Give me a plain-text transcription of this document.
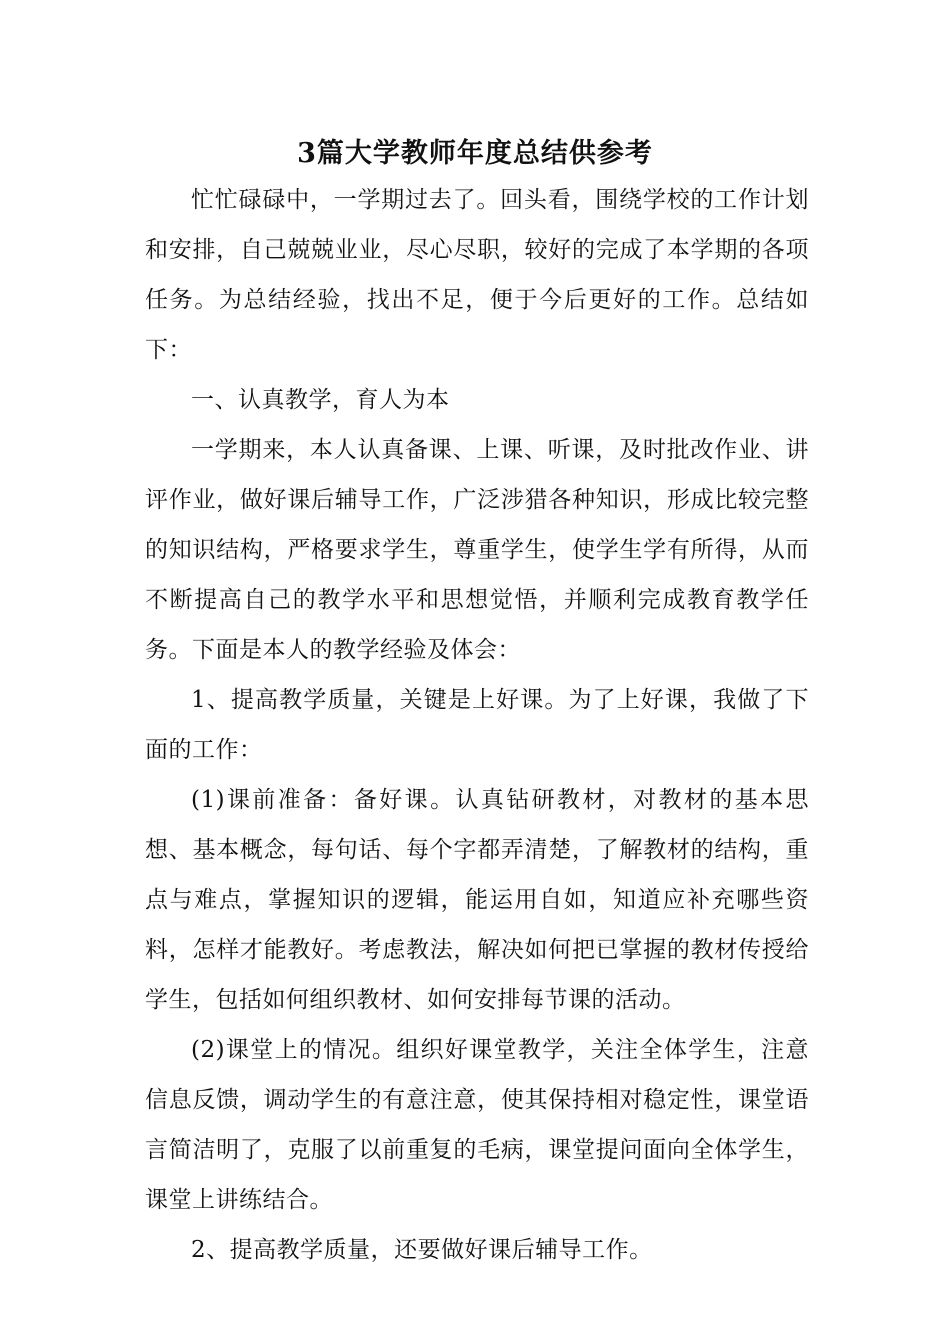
3篇大学教师年度总结供参考

忙忙碌碌中，一学期过去了。回头看，围绕学校的工作计划和安排，自己兢兢业业，尽心尽职，较好的完成了本学期的各项任务。为总结经验，找出不足，便于今后更好的工作。总结如下：

一、认真教学，育人为本

一学期来，本人认真备课、上课、听课，及时批改作业、讲评作业，做好课后辅导工作，广泛涉猎各种知识，形成比较完整的知识结构，严格要求学生，尊重学生，使学生学有所得，从而不断提高自己的教学水平和思想觉悟，并顺利完成教育教学任务。下面是本人的教学经验及体会：

1、提高教学质量，关键是上好课。为了上好课，我做了下面的工作：

(1)课前准备：备好课。认真钻研教材，对教材的基本思想、基本概念，每句话、每个字都弄清楚，了解教材的结构，重点与难点，掌握知识的逻辑，能运用自如，知道应补充哪些资料，怎样才能教好。考虑教法，解决如何把已掌握的教材传授给学生，包括如何组织教材、如何安排每节课的活动。

(2)课堂上的情况。组织好课堂教学，关注全体学生，注意信息反馈，调动学生的有意注意，使其保持相对稳定性，课堂语言简洁明了，克服了以前重复的毛病，课堂提问面向全体学生，课堂上讲练结合。

2、提高教学质量，还要做好课后辅导工作。
